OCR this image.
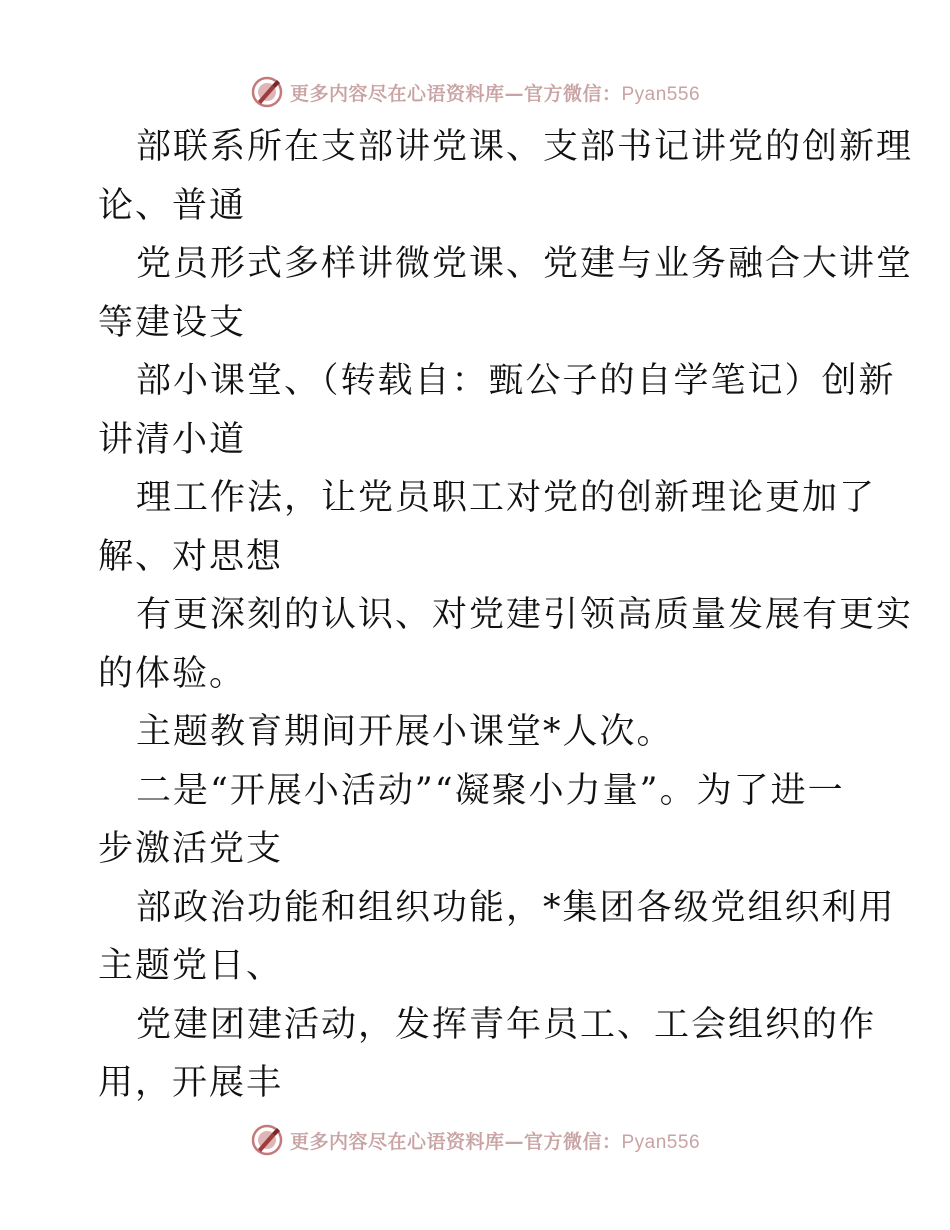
更多内容尽在心语资料库—官方微信：Pyan556
部联系所在支部讲党课、支部书记讲党的创新理
论、普通
党员形式多样讲微党课、党建与业务融合大讲堂
等建设支
部小课堂、（转载自：甄公子的自学笔记）创新
讲清小道
理工作法，让党员职工对党的创新理论更加了
解、对思想
有更深刻的认识、对党建引领高质量发展有更实
的体验。
主题教育期间开展小课堂*人次。
二是“开展小活动”“凝聚小力量”。为了进一
步激活党支
部政治功能和组织功能，*集团各级党组织利用
主题党日、
党建团建活动，发挥青年员工、工会组织的作
用，开展丰
更多内容尽在心语资料库—官方微信：Pyan556
